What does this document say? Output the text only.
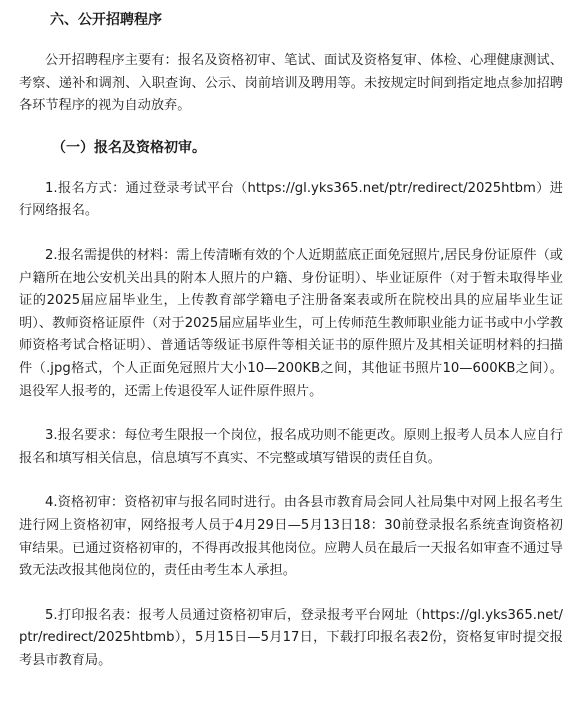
六、公开招聘程序

公开招聘程序主要有：报名及资格初审、笔试、面试及资格复审、体检、心理健康测试、考察、递补和调剂、入职查询、公示、岗前培训及聘用等。未按规定时间到指定地点参加招聘各环节程序的视为自动放弃。

（一）报名及资格初审。

1.报名方式：通过登录考试平台（https://gl.yks365.net/ptr/redirect/2025htbm）进行网络报名。

2.报名需提供的材料：需上传清晰有效的个人近期蓝底正面免冠照片,居民身份证原件（或户籍所在地公安机关出具的附本人照片的户籍、身份证明）、毕业证原件（对于暂未取得毕业证的2025届应届毕业生，上传教育部学籍电子注册备案表或所在院校出具的应届毕业生证明）、教师资格证原件（对于2025届应届毕业生，可上传师范生教师职业能力证书或中小学教师资格考试合格证明）、普通话等级证书原件等相关证书的原件照片及其相关证明材料的扫描件（.jpg格式，个人正面免冠照片大小10—200KB之间，其他证书照片10—600KB之间）。退役军人报考的，还需上传退役军人证件原件照片。

3.报名要求：每位考生限报一个岗位，报名成功则不能更改。原则上报考人员本人应自行报名和填写相关信息，信息填写不真实、不完整或填写错误的责任自负。

4.资格初审：资格初审与报名同时进行。由各县市教育局会同人社局集中对网上报名考生进行网上资格初审，网络报考人员于4月29日—5月13日18：30前登录报名系统查询资格初审结果。已通过资格初审的，不得再改报其他岗位。应聘人员在最后一天报名如审查不通过导致无法改报其他岗位的，责任由考生本人承担。

5.打印报名表：报考人员通过资格初审后，登录报考平台网址（https://gl.yks365.net/ptr/redirect/2025htbmb），5月15日—5月17日，下载打印报名表2份，资格复审时提交报考县市教育局。
